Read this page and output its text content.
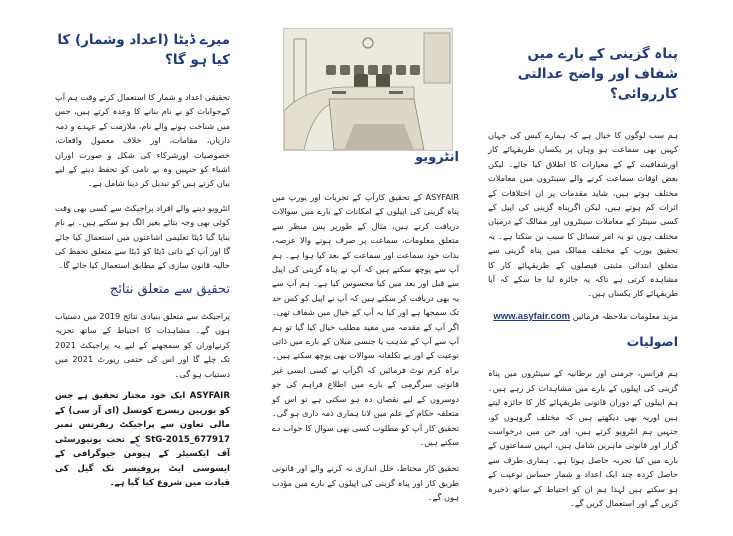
میرے ڈیٹا (اعداد وشمار) کا کیا ہو گا؟

تحقیقی اعداد و شمار کا استعمال کرتے وقت ہم آپ کےجوابات کو بے نام بنانے کا وعدہ کرتے ہیں، جس میں شناخت ہونے والے نام، ملازمت کے عہدے و ذمہ داریاں، مقامات، اور خلاف معمول واقعات، خصوصیات اورشرکاء کی شکل و صورت اوران اشیاء کو جنہیں وہ بے نامی کو تحفظ دینے کے لیے بیان کرتے ہیں کو تبدیل کر دینا شامل ہے۔

انٹرویو دینے والے افراد پراجیکٹ سے کسی بھی وقت کوئی بھی وجہ بتائے بغیر الگ ہو سکتے ہیں۔ بے نام بنایا گیا ڈیٹا تعلیمی اشاعتوں میں استعمال کیا جائے گا اور آپ کے ذاتی ڈیٹا کو ڈیٹا سے متعلق تحفظ کی حالیہ قانون سازی کے مطابق استعمال کیا جائے گا۔

تحقیق سے متعلق نتائج

پراجیکٹ سے متعلق بنیادی نتائج 2019 میں دستیاب ہوں گے۔ مشاہدات کا احتیاط کے ساتھ تجزیہ کرنےاوران کو سمجھنے کے لیے یہ پراجیکٹ 2021 تک چلے گا اور اس کی حتمی رپورٹ 2021 میں دستیاب ہو گی۔

ASYFAIR ایک خود مختار تحقیق ہے جس کو یورپین ریسرچ کونسل (ای آر سی) کے مالی تعاون سے پراجیکٹ ریفرنس نمبر StG-2015_677917 کے تحت یونیورسٹی آف ایکسیٹر کے ہیومن جیوگرافی کے ایسوسی ایٹ پروفیسر نک گیل کی قیادت میں شروع کیا گیا ہے۔

انٹرویو

ASYFAIR کے تحقیق کارآپ کے تجربات اور یورپ میں پناہ گزینی کی اپیلوں کے امکانات کے بارے میں سوالات دریافت کرتے ہیں، مثال کے طورپر پس منظر سے متعلق معلومات، سماعت پر صرف ہونے والا عرصہ، بذات خود سماعت اور سماعت کے بعد کیا ہوا ہے۔ ہم آپ سے پوچھ سکتے ہیں کہ آپ نے پناہ گزینی کی اپیل سے قبل اور بعد میں کیا محسوس کیا ہے۔ ہم آپ سے یہ بھی دریافت کر سکتے ہیں کہ آپ نے اپیل کو کس حد تک سمجھا ہے اور کیا یہ آپ کے خیال میں شفاف تھی۔ اگر آپ کے مقدمہ میں مفید مطلب خیال کیا گیا تو ہم آپ سے آپ کے مذہب یا جنسی میلان کے بارے میں ذاتی نوعیت کے اور بے تکلفانہ سوالات بھی پوچھ سکتے ہیں۔ براہ کرم نوٹ فرمائیں کہ اگرآپ نے کسی ایسی غیر قانونی سرگرمی کے بارے میں اطلاع فراہم کی جو دوسروں کے لیے نقصان دہ ہو سکتی ہے تو اس کو متعلقہ حکام کے علم میں لانا ہماری ذمہ داری ہو گی۔ تحقیق کار آپ کو مطلوب کسی بھی سوال کا جواب دے سکتے ہیں۔

تحقیق کار محتاط، خلل اندازی نہ کرنے والے اور قانونی طریق کار اور پناہ گزینی کی اپیلوں کے بارے میں مؤدب ہوں گے۔

پناہ گزینی کے بارے میں شفاف اور واضح عدالتی کارروائی؟

ہم سب لوگوں کا خیال ہے کہ ہمارے کیس کی جہاں کہیں بھی سماعت ہو وہاں پر یکساں طریقہائے کار اورشفافیت کے کے معیارات کا اطلاق کیا جائے۔ لیکن بعض اوقات سماعت کرنے والے سینٹروں میں معاملات مختلف ہوتے ہیں، شاید مقدمات پر ان اختلافات کے اثرات کم ہوتے ہیں، لیکن اگرپناہ گزینی کی اپیل کے کسی سینٹر کے معاملات سینٹروں اور ممالک کے درمیان مختلف ہوں تو یہ امر مسائل کا سبب بن سکتا ہے۔ یہ تحقیق یورپ کے مختلف ممالک میں پناہ گزینی سے متعلق ابتدائی مثبتی فیصلوں کے طریقہائے کار کا مشاہدہ کرتی ہے تاکہ یہ جائزہ لیا جا سکے کہ آیا طریقہائے کار یکساں ہیں۔

مزید معلومات ملاحظہ فرمائیں www.asyfair.com

اصولیات

ہم فرانس، جرمنی اور برطانیہ کے سینٹروں میں پناہ گزینی کی اپیلوں کے بارے میں مشاہدات کر رہے ہیں۔ ہم اپیلوں کے دوران قانونی طریقہائے کار کا جائزہ لیتے ہیں اوریہ بھی دیکھتے ہیں کہ مختلف گروہوں کو، جنہیں ہم انٹرویو کرتے ہیں، اور جن میں درخواست گزار اور قانونی ماہرین شامل ہیں، انہیں سماعتوں کے بارے میں کیا تجربہ حاصل ہوتا ہے۔ ہماری طرف سے حاصل کردہ چند ایک اعداد و شمار حساس نوعیت کے ہو سکتے ہیں لہذا ہم ان کو احتیاط کے ساتھ ذخیرہ کریں گے اور استعمال کریں گے۔
